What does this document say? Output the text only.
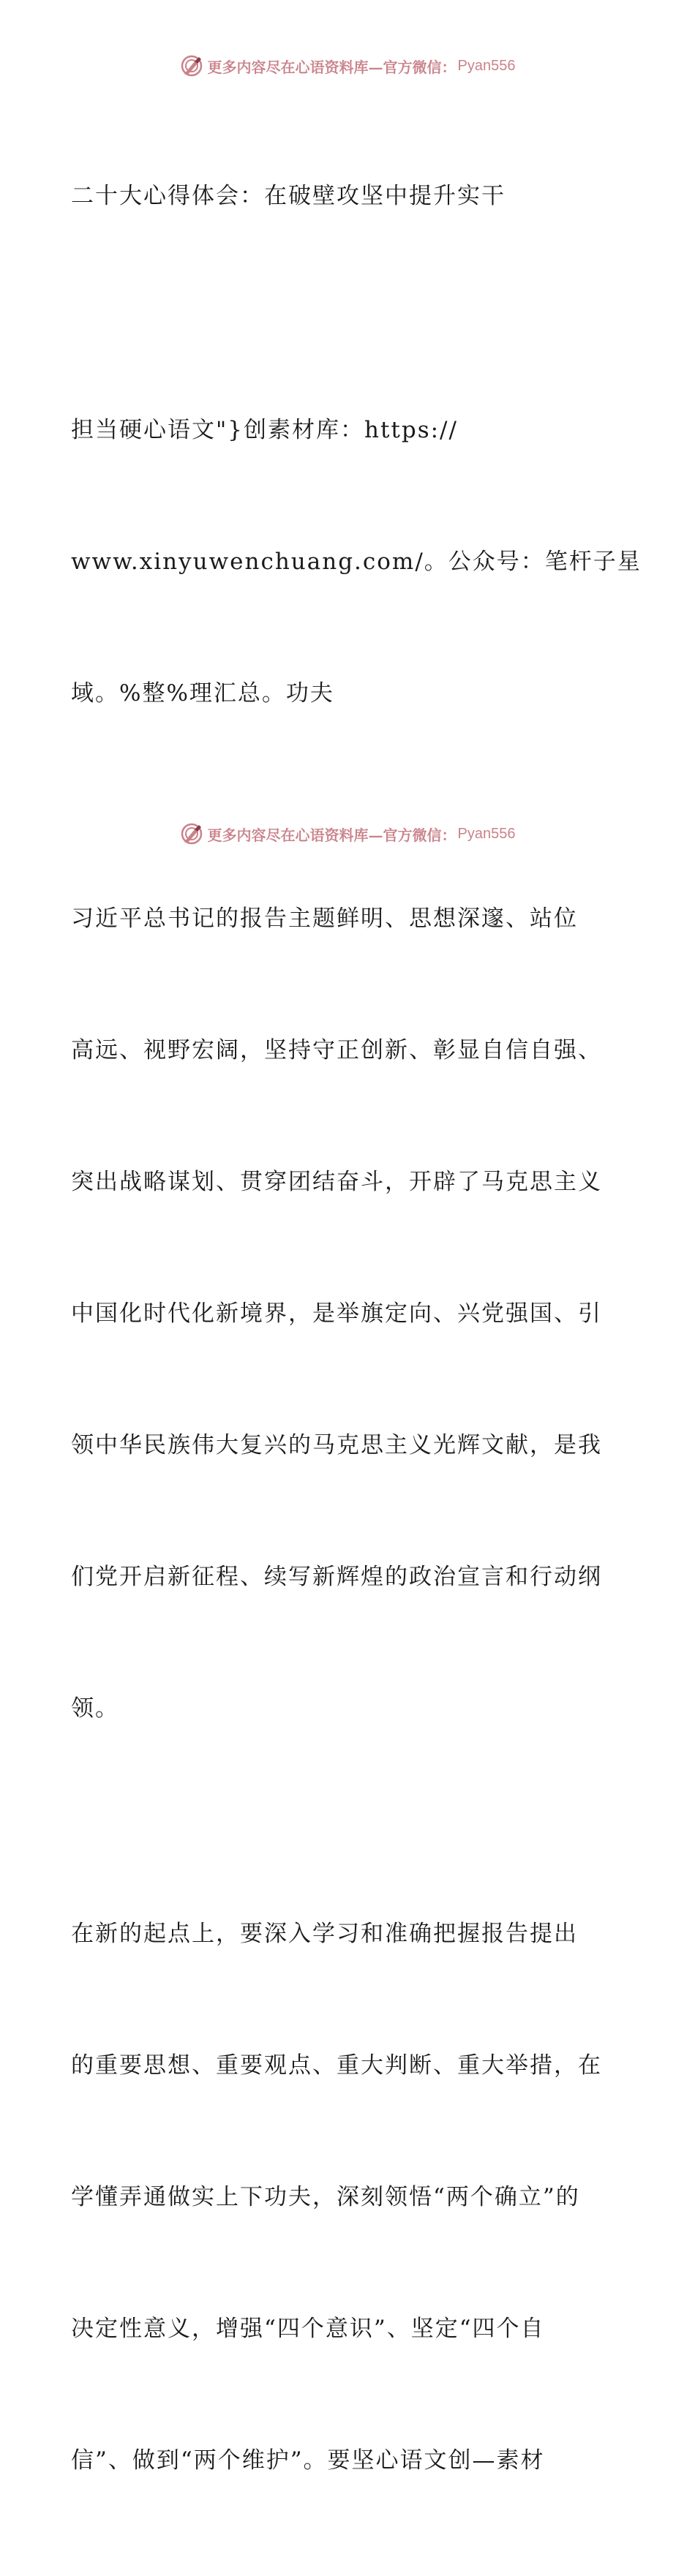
更多内容尽在心语资料库—官方微信： Pyan556

二十大心得体会：在破壁攻坚中提升实干

担当硬心语文"}创素材库：https://

www.xinyuwenchuang.com/。公众号：笔杆子星

域。%整%理汇总。功夫

习近平总书记的报告主题鲜明、思想深邃、站位

高远、视野宏阔，坚持守正创新、彰显自信自强、

突出战略谋划、贯穿团结奋斗，开辟了马克思主义

中国化时代化新境界，是举旗定向、兴党强国、引

领中华民族伟大复兴的马克思主义光辉文献，是我

们党开启新征程、续写新辉煌的政治宣言和行动纲

领。

在新的起点上，要深入学习和准确把握报告提出

的重要思想、重要观点、重大判断、重大举措，在

学懂弄通做实上下功夫，深刻领悟“两个确立”的

决定性意义，增强“四个意识”、坚定“四个自

信”、做到“两个维护”。要坚心语文创—素材

更多内容尽在心语资料库—官方微信： Pyan556
